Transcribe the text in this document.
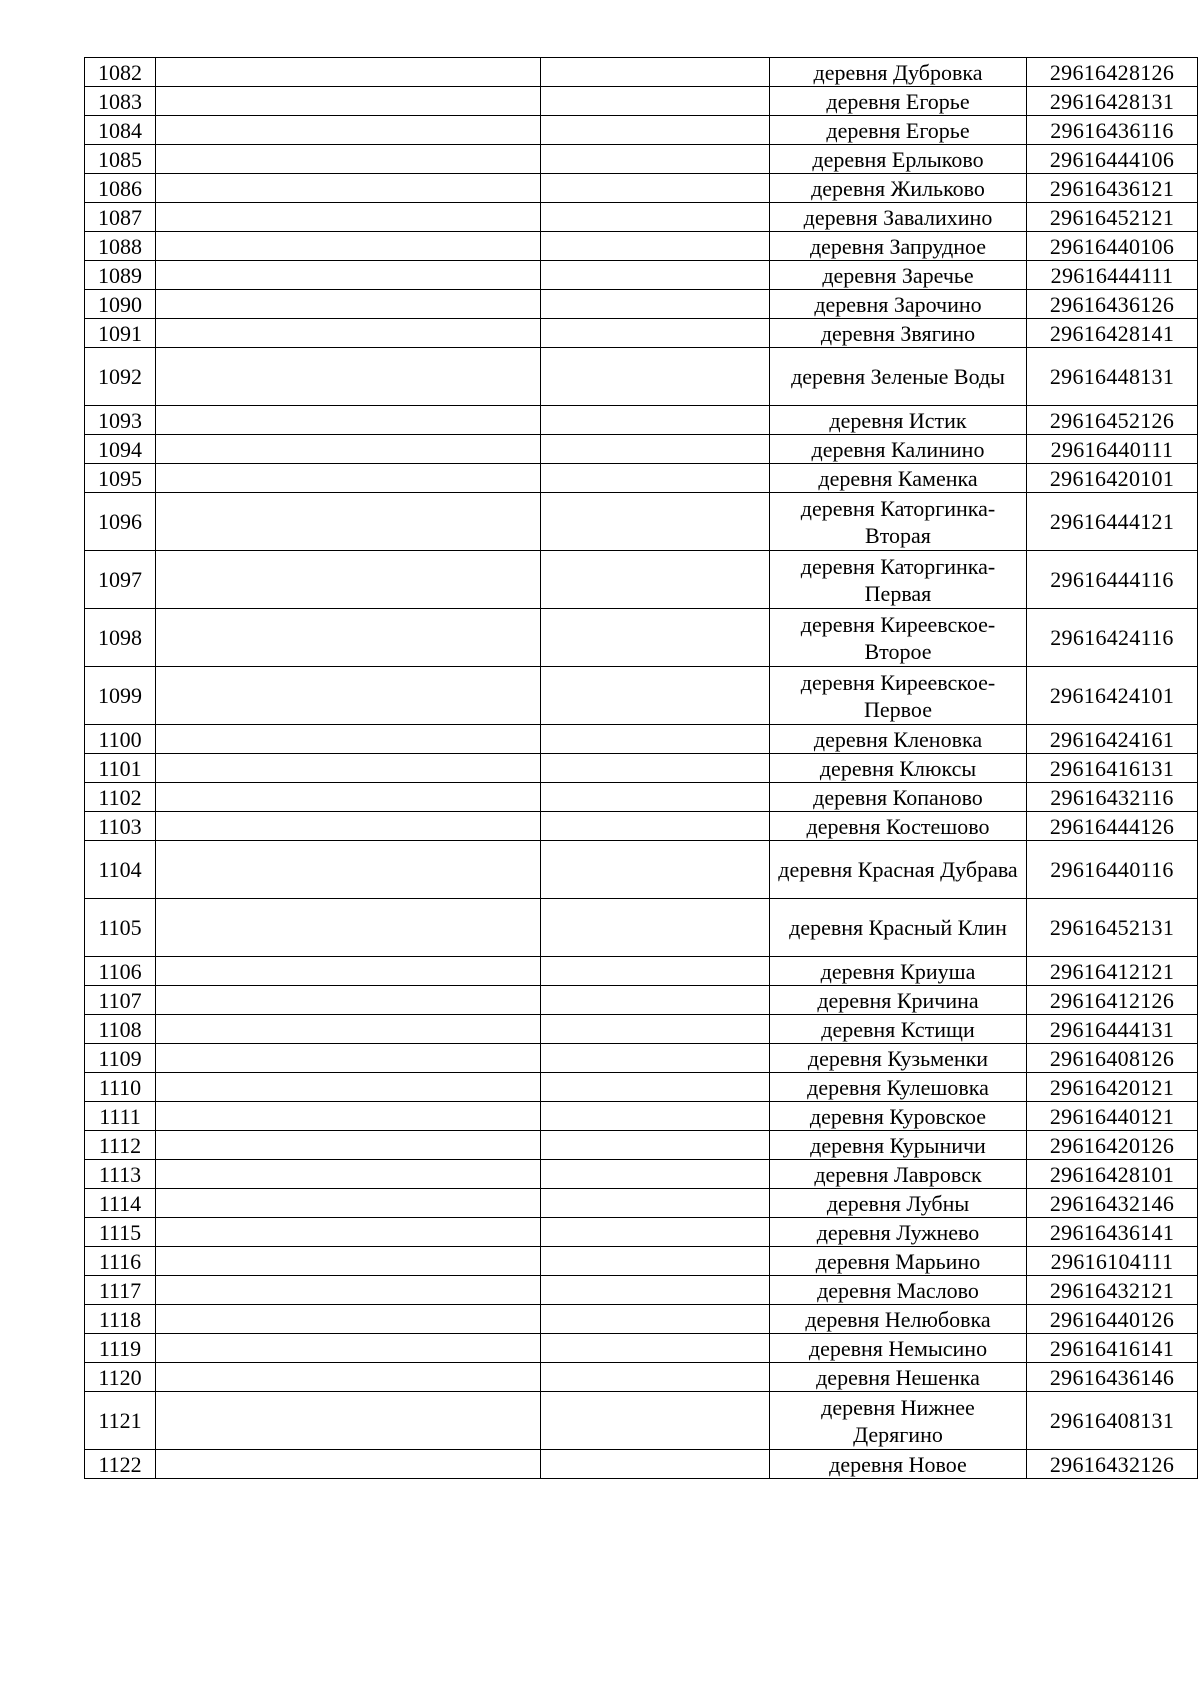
1082			деревня Дубровка	29616428126
1083			деревня Егорье	29616428131
1084			деревня Егорье	29616436116
1085			деревня Ерлыково	29616444106
1086			деревня Жильково	29616436121
1087			деревня Завалихино	29616452121
1088			деревня Запрудное	29616440106
1089			деревня Заречье	29616444111
1090			деревня Зарочино	29616436126
1091			деревня Звягино	29616428141
1092			деревня Зеленые Воды	29616448131
1093			деревня Истик	29616452126
1094			деревня Калинино	29616440111
1095			деревня Каменка	29616420101
1096			деревня Каторгинка-Вторая	29616444121
1097			деревня Каторгинка-Первая	29616444116
1098			деревня Киреевское-Второе	29616424116
1099			деревня Киреевское-Первое	29616424101
1100			деревня Кленовка	29616424161
1101			деревня Клюксы	29616416131
1102			деревня Копаново	29616432116
1103			деревня Костешово	29616444126
1104			деревня Красная Дубрава	29616440116
1105			деревня Красный Клин	29616452131
1106			деревня Криуша	29616412121
1107			деревня Кричина	29616412126
1108			деревня Кстищи	29616444131
1109			деревня Кузьменки	29616408126
1110			деревня Кулешовка	29616420121
1111			деревня Куровское	29616440121
1112			деревня Курыничи	29616420126
1113			деревня Лавровск	29616428101
1114			деревня Лубны	29616432146
1115			деревня Лужнево	29616436141
1116			деревня Марьино	29616104111
1117			деревня Маслово	29616432121
1118			деревня Нелюбовка	29616440126
1119			деревня Немысино	29616416141
1120			деревня Нешенка	29616436146
1121			деревня Нижнее Дерягино	29616408131
1122			деревня Новое	29616432126
